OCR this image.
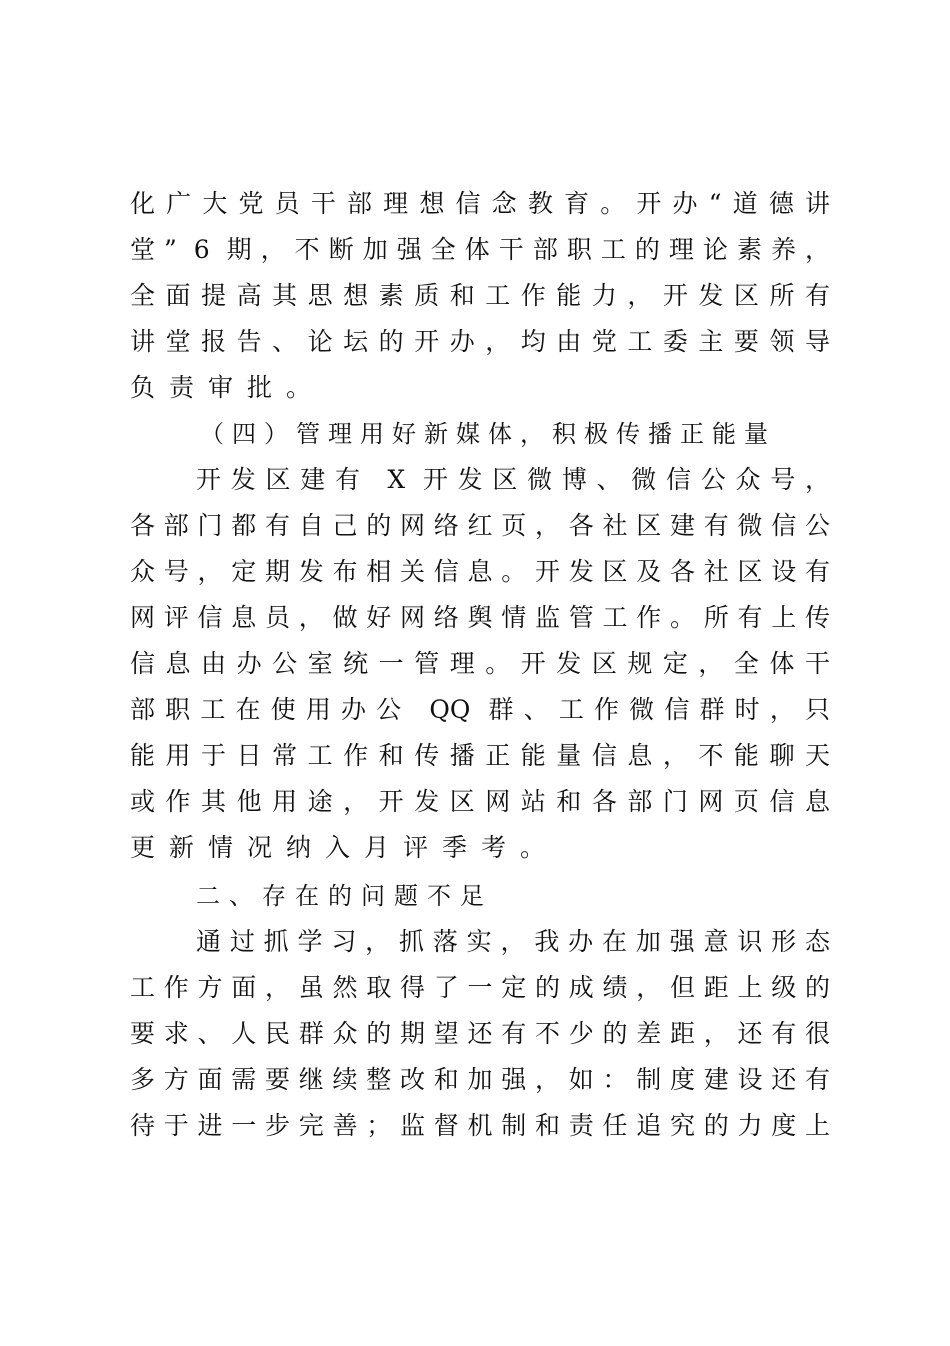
化广大党员干部理想信念教育。开办“道德讲
堂” 6 期，不断加强全体干部职工的理论素养，
全面提高其思想素质和工作能力，开发区所有
讲堂报告、论坛的开办，均由党工委主要领导
负责审批。
（四）管理用好新媒体，积极传播正能量
开发区建有 X 开发区微博、微信公众号，
各部门都有自己的网络红页，各社区建有微信公
众号，定期发布相关信息。开发区及各社区设有
网评信息员，做好网络舆情监管工作。所有上传
信息由办公室统一管理。开发区规定，全体干
部职工在使用办公 QQ 群、工作微信群时，只
能用于日常工作和传播正能量信息，不能聊天
或作其他用途，开发区网站和各部门网页信息
更新情况纳入月评季考。
二、存在的问题不足
通过抓学习，抓落实，我办在加强意识形态
工作方面，虽然取得了一定的成绩，但距上级的
要求、人民群众的期望还有不少的差距，还有很
多方面需要继续整改和加强，如：制度建设还有
待于进一步完善；监督机制和责任追究的力度上
